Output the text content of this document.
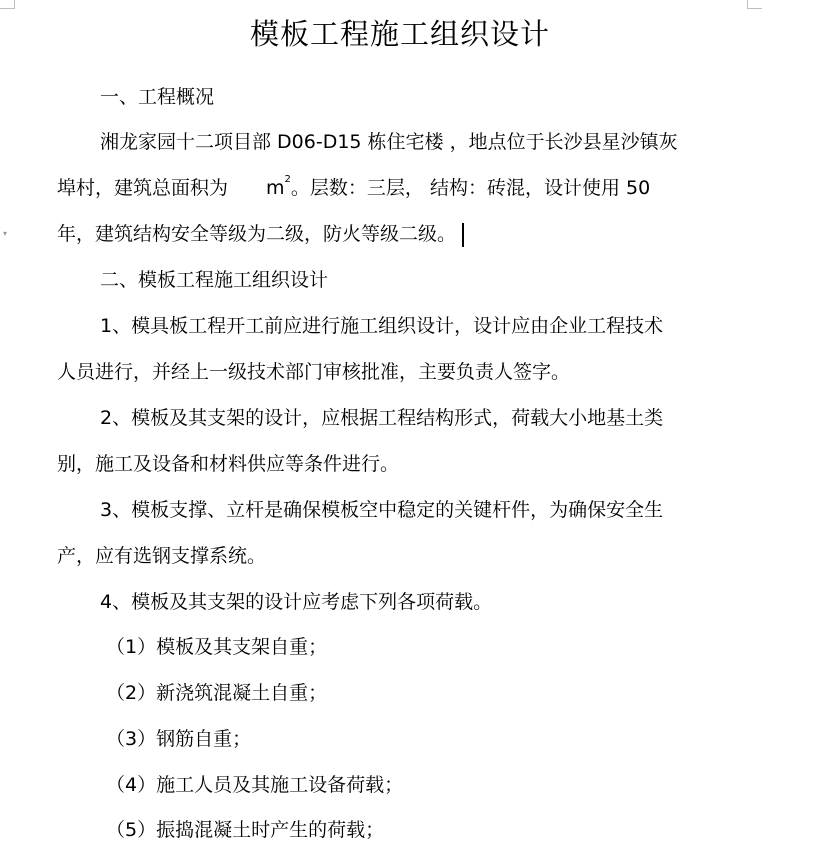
▾
模板工程施工组织设计
一、工程概况
湘龙家园十二项目部 D06-D15 栋住宅楼 ，地点位于长沙县星沙镇灰
埠村，建筑总面积为　　$m^2$。层数：三层， 结构：砖混，设计使用 50
年，建筑结构安全等级为二级，防火等级二级。
二、模板工程施工组织设计
1、模具板工程开工前应进行施工组织设计，设计应由企业工程技术
人员进行，并经上一级技术部门审核批准，主要负责人签字。
2、模板及其支架的设计，应根据工程结构形式，荷载大小地基土类
别，施工及设备和材料供应等条件进行。
3、模板支撑、立杆是确保模板空中稳定的关键杆件，为确保安全生
产，应有选钢支撑系统。
4、模板及其支架的设计应考虑下列各项荷载。
（1）模板及其支架自重；
（2）新浇筑混凝土自重；
（3）钢筋自重；
（4）施工人员及其施工设备荷载；
（5）振捣混凝土时产生的荷载；
